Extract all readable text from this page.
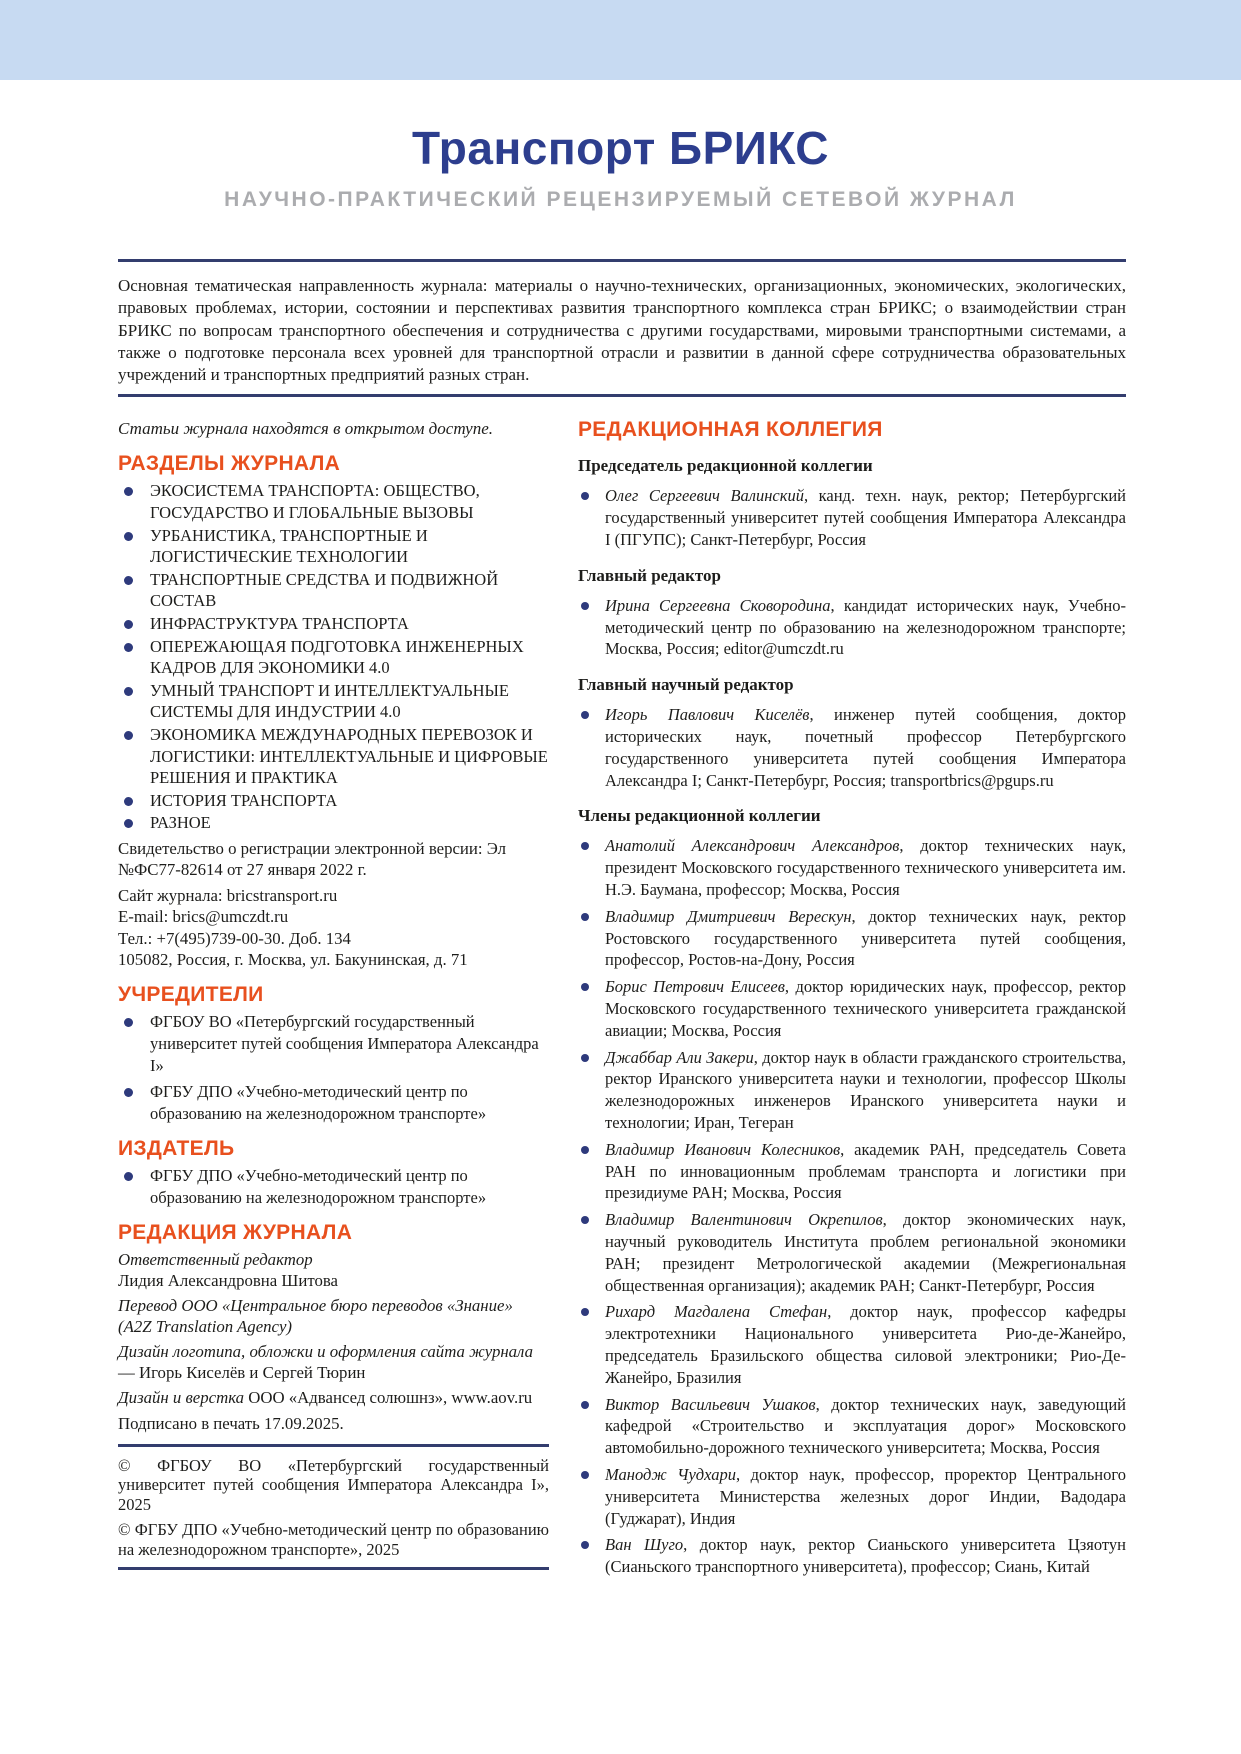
Транспорт БРИКС
НАУЧНО-ПРАКТИЧЕСКИЙ РЕЦЕНЗИРУЕМЫЙ СЕТЕВОЙ ЖУРНАЛ

Основная тематическая направленность журнала: материалы о научно-технических, организационных, экономических, экологических, правовых проблемах, истории, состоянии и перспективах развития транспортного комплекса стран БРИКС; о взаимодействии стран БРИКС по вопросам транспортного обеспечения и сотрудничества с другими государствами, мировыми транспортными системами, а также о подготовке персонала всех уровней для транспортной отрасли и развитии в данной сфере сотрудничества образовательных учреждений и транспортных предприятий разных стран.

Статьи журнала находятся в открытом доступе.

РАЗДЕЛЫ ЖУРНАЛА
ЭКОСИСТЕМА ТРАНСПОРТА: ОБЩЕСТВО, ГОСУДАРСТВО И ГЛОБАЛЬНЫЕ ВЫЗОВЫ
УРБАНИСТИКА, ТРАНСПОРТНЫЕ И ЛОГИСТИЧЕСКИЕ ТЕХНОЛОГИИ
ТРАНСПОРТНЫЕ СРЕДСТВА И ПОДВИЖНОЙ СОСТАВ
ИНФРАСТРУКТУРА ТРАНСПОРТА
ОПЕРЕЖАЮЩАЯ ПОДГОТОВКА ИНЖЕНЕРНЫХ КАДРОВ ДЛЯ ЭКОНОМИКИ 4.0
УМНЫЙ ТРАНСПОРТ И ИНТЕЛЛЕКТУАЛЬНЫЕ СИСТЕМЫ ДЛЯ ИНДУСТРИИ 4.0
ЭКОНОМИКА МЕЖДУНАРОДНЫХ ПЕРЕВОЗОК И ЛОГИСТИКИ: ИНТЕЛЛЕКТУАЛЬНЫЕ И ЦИФРОВЫЕ РЕШЕНИЯ И ПРАКТИКА
ИСТОРИЯ ТРАНСПОРТА
РАЗНОЕ

Свидетельство о регистрации электронной версии: Эл №ФС77-82614 от 27 января 2022 г.

Сайт журнала: bricstransport.ru
E-mail: brics@umczdt.ru
Тел.: +7(495)739-00-30. Доб. 134
105082, Россия, г. Москва, ул. Бакунинская, д. 71
УЧРЕДИТЕЛИ
ФГБОУ ВО «Петербургский государственный университет путей сообщения Императора Александра I»
ФГБУ ДПО «Учебно-методический центр по образованию на железнодорожном транспорте»
ИЗДАТЕЛЬ
ФГБУ ДПО «Учебно-методический центр по образованию на железнодорожном транспорте»
РЕДАКЦИЯ ЖУРНАЛА

Ответственный редактор
Лидия Александровна Шитова

Перевод ООО «Центральное бюро переводов «Знание» (A2Z Translation Agency)

Дизайн логотипа, обложки и оформления сайта журнала — Игорь Киселёв и Сергей Тюрин

Дизайн и верстка ООО «Адвансед солюшнз», www.aov.ru

Подписано в печать 17.09.2025.

© ФГБОУ ВО «Петербургский государственный университет путей сообщения Императора Александра I», 2025

© ФГБУ ДПО «Учебно-методический центр по образованию на железнодорожном транспорте», 2025

РЕДАКЦИОННАЯ КОЛЛЕГИЯ
Председатель редакционной коллегии
Олег Сергеевич Валинский, канд. техн. наук, ректор; Петербургский государственный университет путей сообщения Императора Александра I (ПГУПС); Санкт-Петербург, Россия
Главный редактор
Ирина Сергеевна Сковородина, кандидат исторических наук, Учебно-методический центр по образованию на железнодорожном транспорте; Москва, Россия; editor@umczdt.ru
Главный научный редактор
Игорь Павлович Киселёв, инженер путей сообщения, доктор исторических наук, почетный профессор Петербургского государственного университета путей сообщения Императора Александра I; Санкт-Петербург, Россия; transportbrics@pgups.ru
Члены редакционной коллегии
Анатолий Александрович Александров, доктор технических наук, президент Московского государственного технического университета им. Н.Э. Баумана, профессор; Москва, Россия
Владимир Дмитриевич Верескун, доктор технических наук, ректор Ростовского государственного университета путей сообщения, профессор, Ростов-на-Дону, Россия
Борис Петрович Елисеев, доктор юридических наук, профессор, ректор Московского государственного технического университета гражданской авиации; Москва, Россия
Джаббар Али Закери, доктор наук в области гражданского строительства, ректор Иранского университета науки и технологии, профессор Школы железнодорожных инженеров Иранского университета науки и технологии; Иран, Тегеран
Владимир Иванович Колесников, академик РАН, председатель Совета РАН по инновационным проблемам транспорта и логистики при президиуме РАН; Москва, Россия
Владимир Валентинович Окрепилов, доктор экономических наук, научный руководитель Института проблем региональной экономики РАН; президент Метрологической академии (Межрегиональная общественная организация); академик РАН; Санкт-Петербург, Россия
Рихард Магдалена Стефан, доктор наук, профессор кафедры электротехники Национального университета Рио-де-Жанейро, председатель Бразильского общества силовой электроники; Рио-Де-Жанейро, Бразилия
Виктор Васильевич Ушаков, доктор технических наук, заведующий кафедрой «Строительство и эксплуатация дорог» Московского автомобильно-дорожного технического университета; Москва, Россия
Манодж Чудхари, доктор наук, профессор, проректор Центрального университета Министерства железных дорог Индии, Вадодара (Гуджарат), Индия
Ван Шуго, доктор наук, ректор Сианьского университета Цзяотун (Сианьского транспортного университета), профессор; Сиань, Китай
